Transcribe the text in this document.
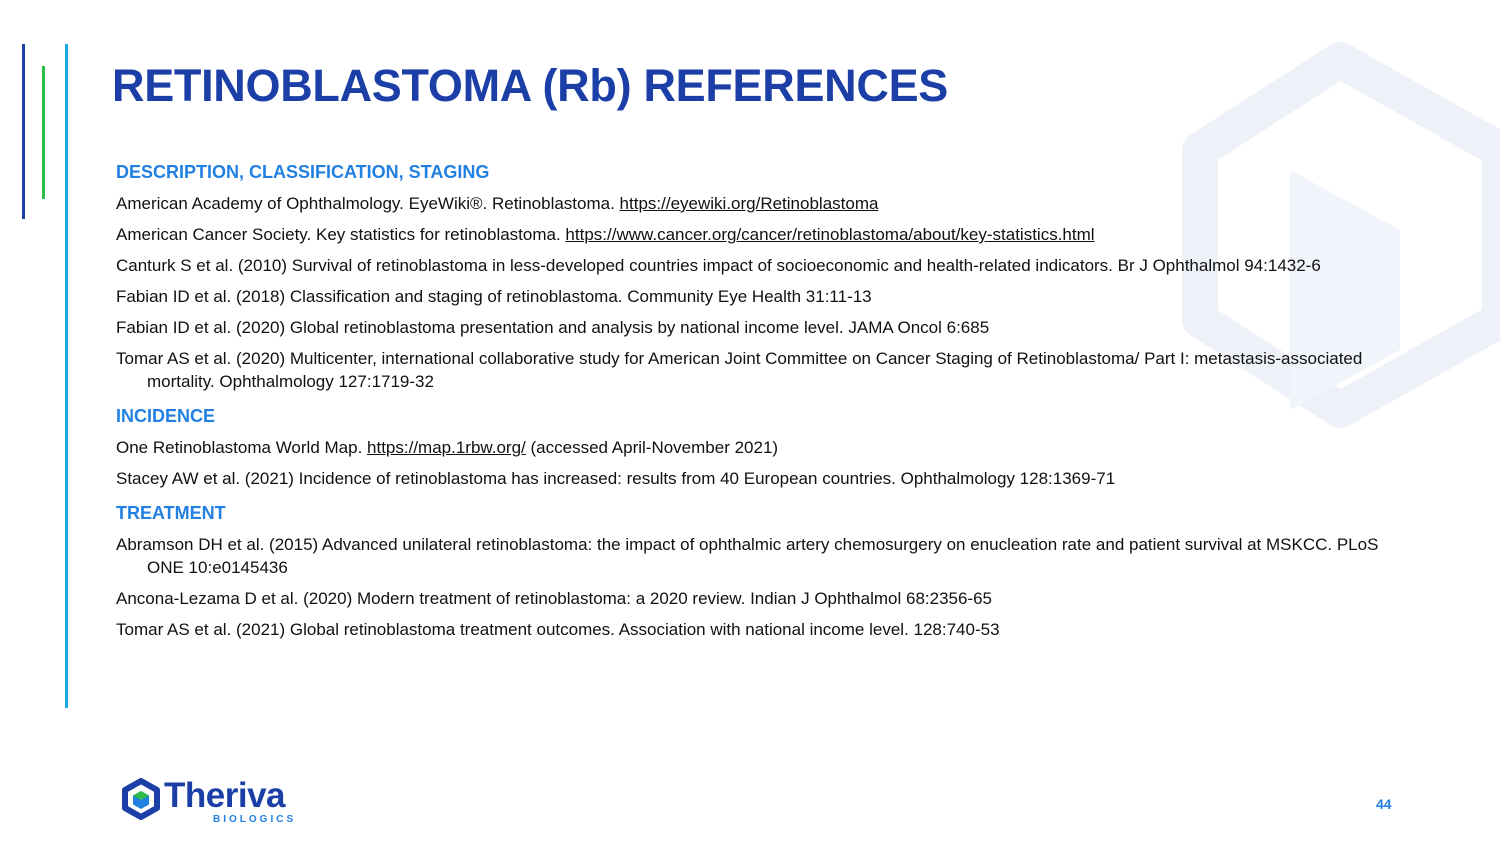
RETINOBLASTOMA (Rb) REFERENCES

DESCRIPTION, CLASSIFICATION, STAGING

American Academy of Ophthalmology. EyeWiki®. Retinoblastoma. https://eyewiki.org/Retinoblastoma

American Cancer Society. Key statistics for retinoblastoma. https://www.cancer.org/cancer/retinoblastoma/about/key-statistics.html

Canturk S et al. (2010) Survival of retinoblastoma in less-developed countries impact of socioeconomic and health-related indicators. Br J Ophthalmol 94:1432-6

Fabian ID et al. (2018) Classification and staging of retinoblastoma. Community Eye Health 31:11-13

Fabian ID et al. (2020) Global retinoblastoma presentation and analysis by national income level. JAMA Oncol 6:685

Tomar AS et al. (2020) Multicenter, international collaborative study for American Joint Committee on Cancer Staging of Retinoblastoma/ Part I: metastasis-associated mortality. Ophthalmology 127:1719-32

INCIDENCE

One Retinoblastoma World Map. https://map.1rbw.org/ (accessed April-November 2021)

Stacey AW et al. (2021) Incidence of retinoblastoma has increased: results from 40 European countries. Ophthalmology 128:1369-71

TREATMENT

Abramson DH et al. (2015) Advanced unilateral retinoblastoma: the impact of ophthalmic artery chemosurgery on enucleation rate and patient survival at MSKCC. PLoS ONE 10:e0145436

Ancona-Lezama D et al. (2020) Modern treatment of retinoblastoma: a 2020 review. Indian J Ophthalmol 68:2356-65

Tomar AS et al. (2021) Global retinoblastoma treatment outcomes. Association with national income level. 128:740-53

Theriva
BIOLOGICS
44
